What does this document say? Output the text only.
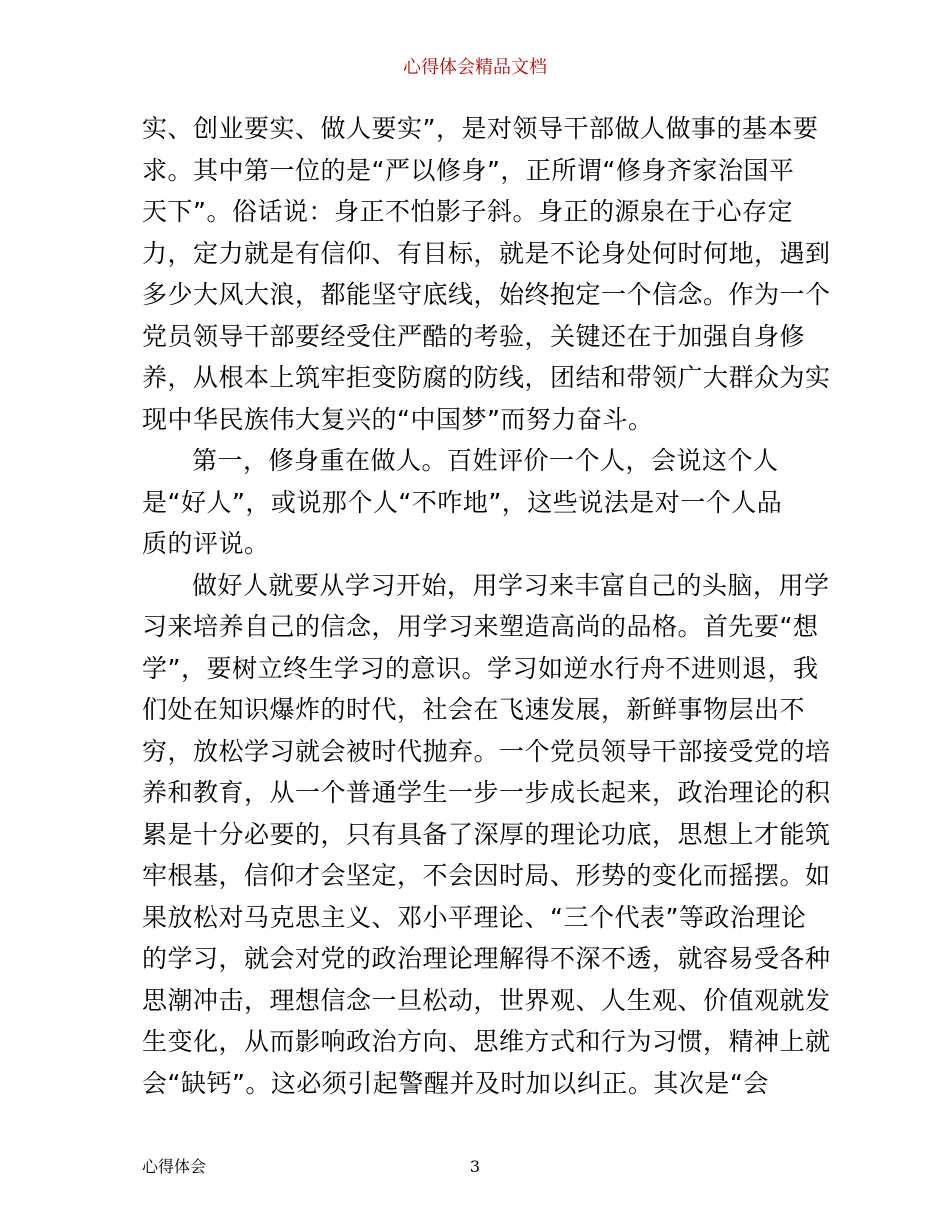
心得体会精品文档
实、创业要实、做人要实”，是对领导干部做人做事的基本要
求。其中第一位的是“严以修身”，正所谓“修身齐家治国平
天下”。俗话说：身正不怕影子斜。身正的源泉在于心存定
力，定力就是有信仰、有目标，就是不论身处何时何地，遇到
多少大风大浪，都能坚守底线，始终抱定一个信念。作为一个
党员领导干部要经受住严酷的考验，关键还在于加强自身修
养，从根本上筑牢拒变防腐的防线，团结和带领广大群众为实
现中华民族伟大复兴的“中国梦”而努力奋斗。
第一，修身重在做人。百姓评价一个人，会说这个人
是“好人”，或说那个人“不咋地”，这些说法是对一个人品
质的评说。
做好人就要从学习开始，用学习来丰富自己的头脑，用学
习来培养自己的信念，用学习来塑造高尚的品格。首先要“想
学”，要树立终生学习的意识。学习如逆水行舟不进则退，我
们处在知识爆炸的时代，社会在飞速发展，新鲜事物层出不
穷，放松学习就会被时代抛弃。一个党员领导干部接受党的培
养和教育，从一个普通学生一步一步成长起来，政治理论的积
累是十分必要的，只有具备了深厚的理论功底，思想上才能筑
牢根基，信仰才会坚定，不会因时局、形势的变化而摇摆。如
果放松对马克思主义、邓小平理论、“三个代表”等政治理论
的学习，就会对党的政治理论理解得不深不透，就容易受各种
思潮冲击，理想信念一旦松动，世界观、人生观、价值观就发
生变化，从而影响政治方向、思维方式和行为习惯，精神上就
会“缺钙”。这必须引起警醒并及时加以纠正。其次是“会
心得体会	3
